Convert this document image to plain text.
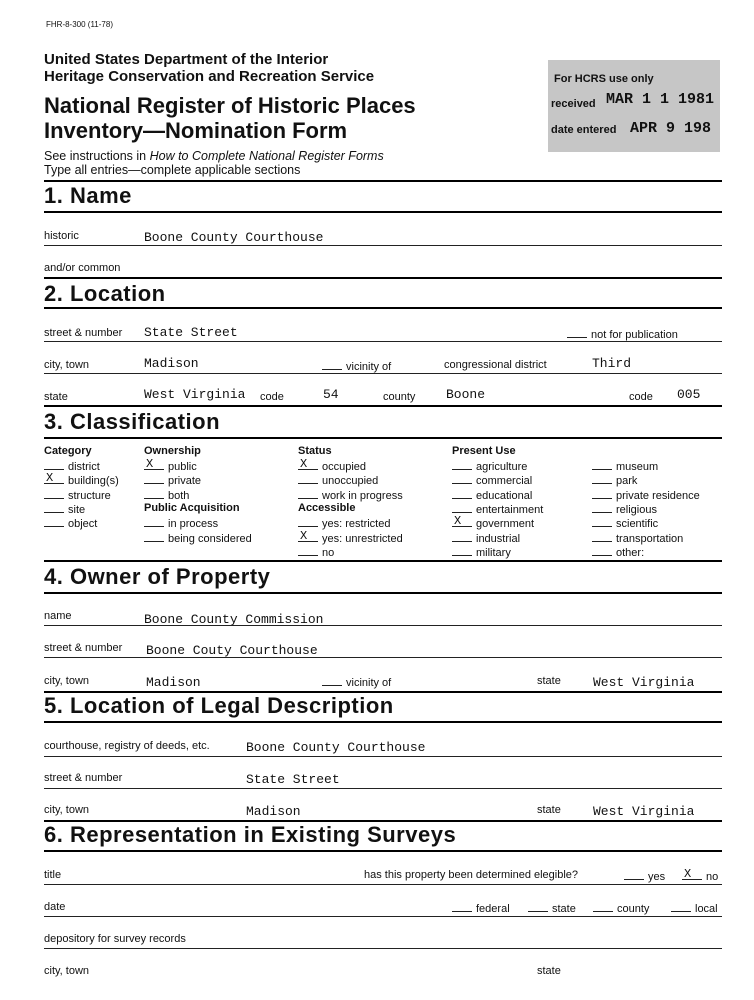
FHR-8-300 (11-78)
United States Department of the Interior
Heritage Conservation and Recreation Service
National Register of Historic Places
Inventory—Nomination Form
See instructions in How to Complete National Register Forms
Type all entries—complete applicable sections
For HCRS use only
received MAR 1 1 1981
date entered APR 9 198
1. Name
historic	Boone County Courthouse
and/or common
2. Location
street & number State Street	not for publication
city, town	Madison	vicinity of	congressional district	Third
state	West Virginia code	54	county Boone	code 005
3. Classification
Category
district
X building(s)
structure
site
object
Ownership
X public
private
both
Public Acquisition
in process
being considered
Status
X occupied
unoccupied
work in progress
Accessible
yes: restricted
X yes: unrestricted
no
Present Use
agriculture
commercial
educational
entertainment
X government
industrial
military
museum
park
private residence
religious
scientific
transportation
other:
4. Owner of Property
name	Boone County Commission
street & number Boone Couty Courthouse
city, town	Madison	vicinity of	state West Virginia
5. Location of Legal Description
courthouse, registry of deeds, etc.	Boone County Courthouse
street & number	State Street
city, town	Madison	state West Virginia
6. Representation in Existing Surveys
title	has this property been determined elegible?	yes X no
date	federal	state	county	local
depository for survey records
city, town	state
